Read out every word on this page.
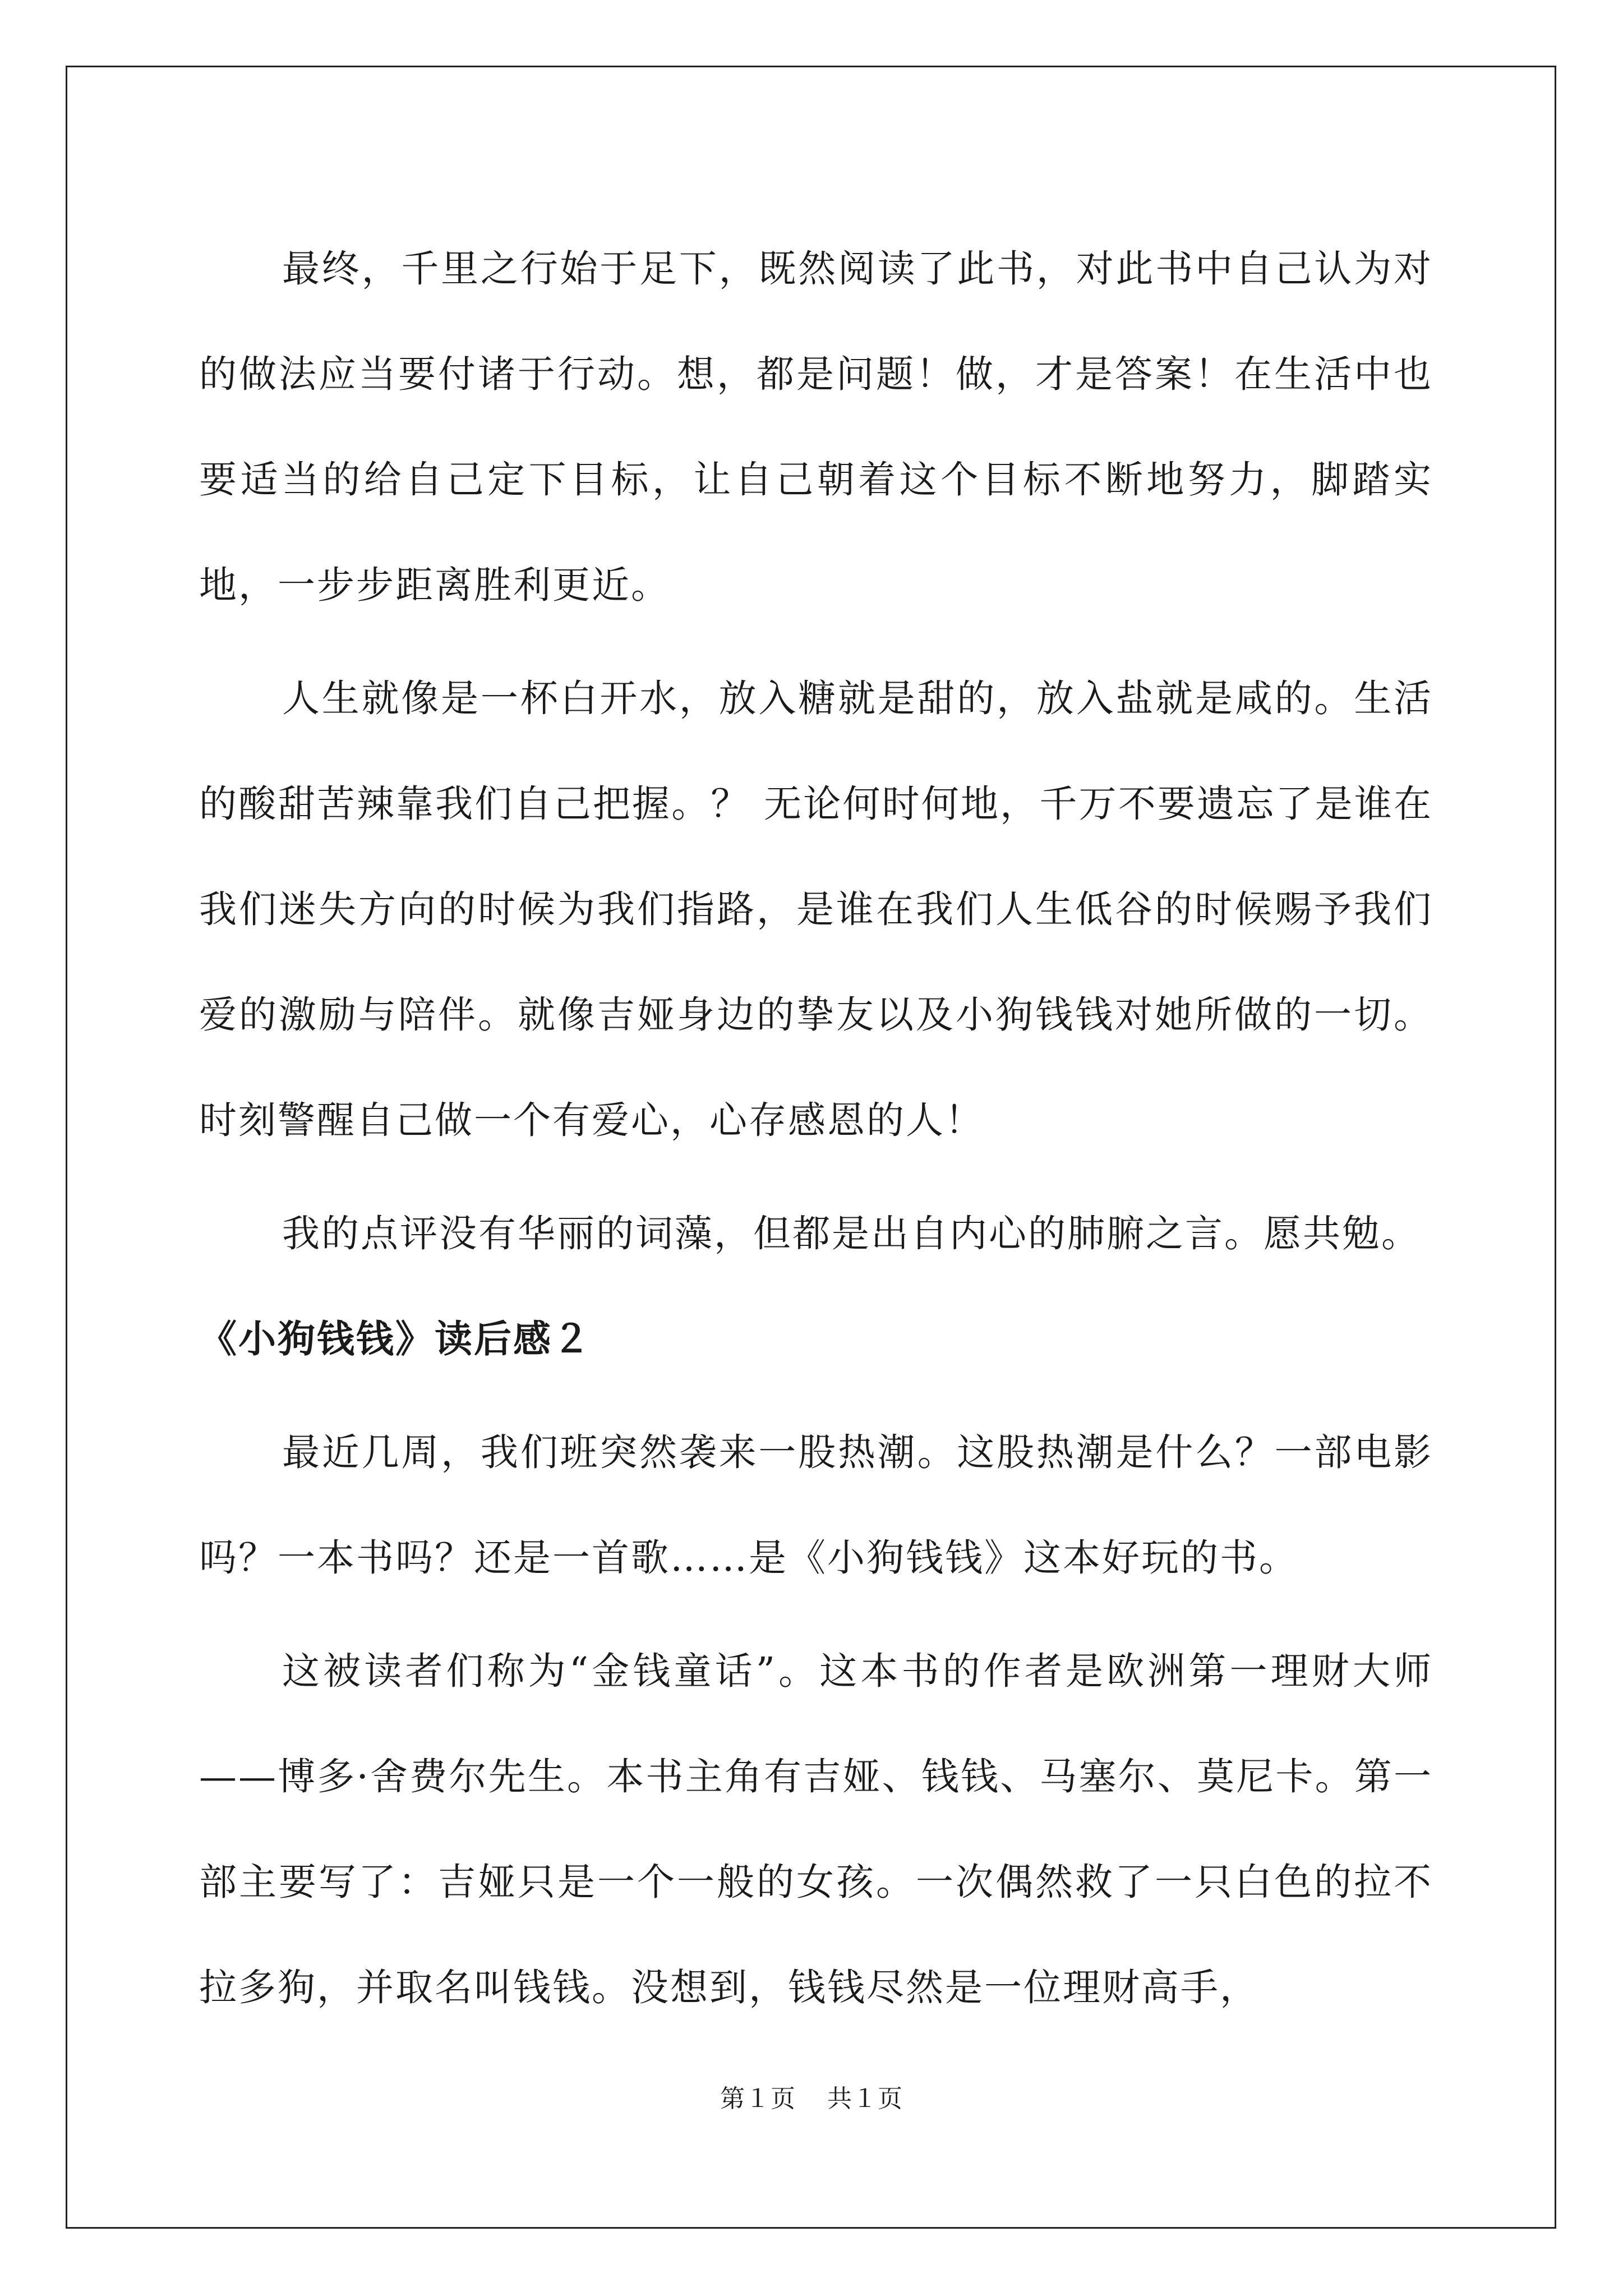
最终，千里之行始于足下，既然阅读了此书，对此书中自己认为对的做法应当要付诸于行动。想，都是问题！做，才是答案！在生活中也要适当的给自己定下目标，让自己朝着这个目标不断地努力，脚踏实地，一步步距离胜利更近。

人生就像是一杯白开水，放入糖就是甜的，放入盐就是咸的。生活的酸甜苦辣靠我们自己把握。？ 无论何时何地，千万不要遗忘了是谁在我们迷失方向的时候为我们指路，是谁在我们人生低谷的时候赐予我们爱的激励与陪伴。就像吉娅身边的挚友以及小狗钱钱对她所做的一切。时刻警醒自己做一个有爱心，心存感恩的人！

我的点评没有华丽的词藻，但都是出自内心的肺腑之言。愿共勉。

《小狗钱钱》读后感２

最近几周，我们班突然袭来一股热潮。这股热潮是什么？一部电影吗？一本书吗？还是一首歌……是《小狗钱钱》这本好玩的书。

这被读者们称为“金钱童话”。这本书的作者是欧洲第一理财大师——博多·舍费尔先生。本书主角有吉娅、钱钱、马塞尔、莫尼卡。第一部主要写了：吉娅只是一个一般的女孩。一次偶然救了一只白色的拉不拉多狗，并取名叫钱钱。没想到，钱钱尽然是一位理财高手，

第１页 共１页
